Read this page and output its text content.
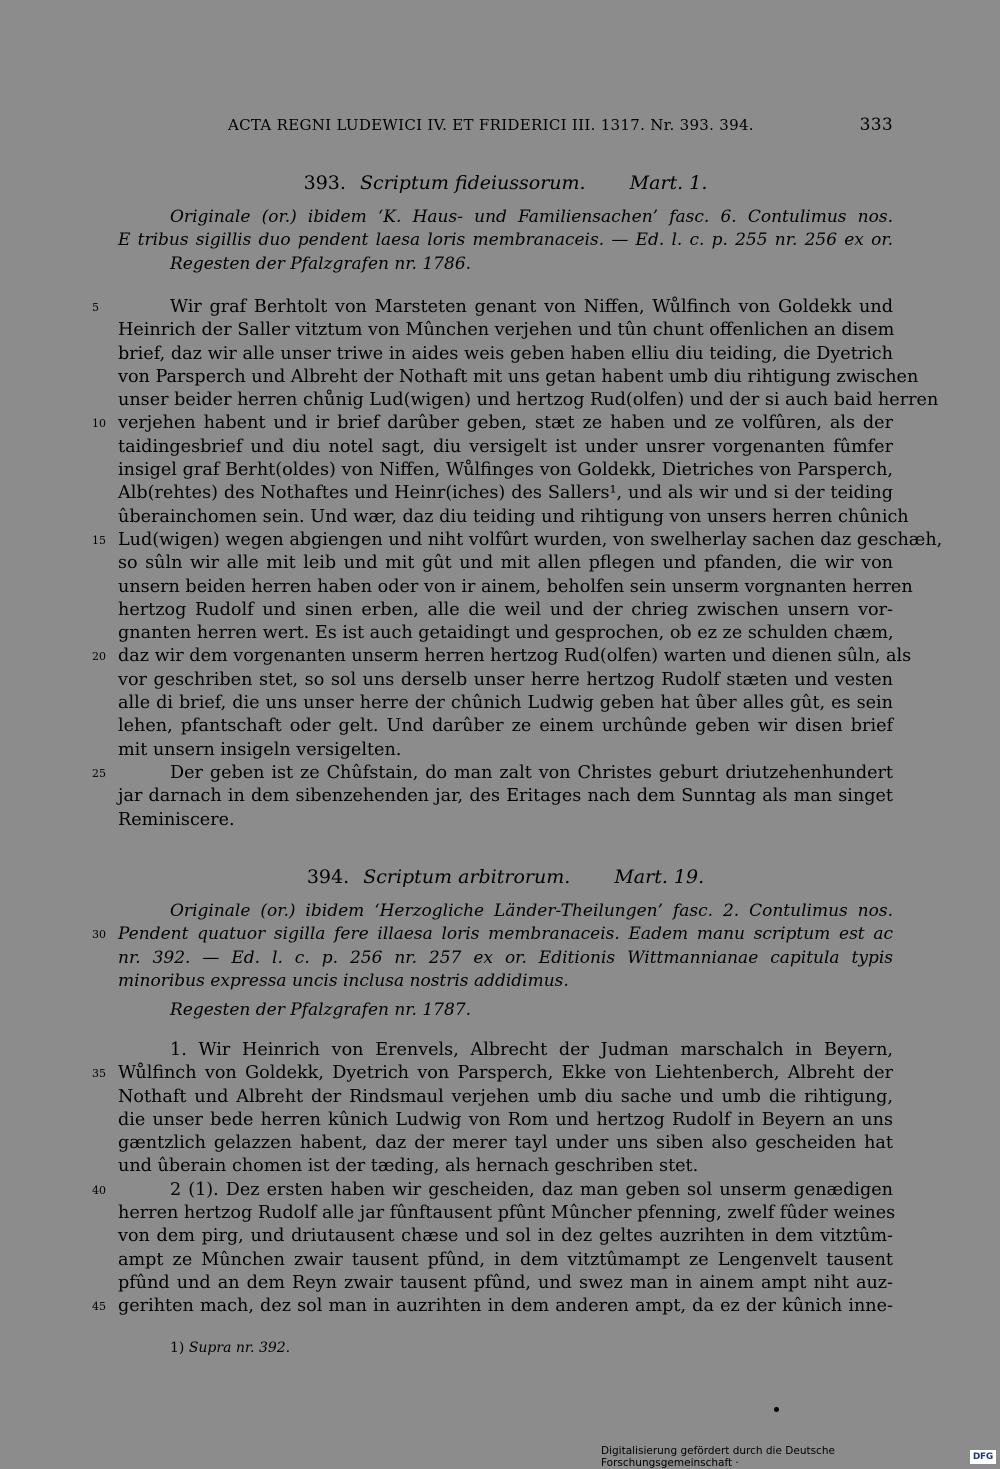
ACTA REGNI LUDEWICI IV. ET FRIDERICI III. 1317. Nr. 393. 394.	333
393. Scriptum fideiussorum. Mart. 1.
Originale (or.) ibidem ‘K. Haus- und Familiensachen’ fasc. 6. Contulimus nos.
E tribus sigillis duo pendent laesa loris membranaceis. — Ed. l. c. p. 255 nr. 256 ex or.
Regesten der Pfalzgrafen nr. 1786.
5	Wir graf Berhtolt von Marsteten genant von Niffen, Wůlfinch von Goldekk und
Heinrich der Saller vitztum von Mûnchen verjehen und tûn chunt offenlichen an disem
brief, daz wir alle unser triwe in aides weis geben haben elliu diu teiding, die Dyetrich
von Parsperch und Albreht der Nothaft mit uns getan habent umb diu rihtigung zwischen
unser beider herren chůnig Lud(wigen) und hertzog Rud(olfen) und der si auch baid herren
10 verjehen habent und ir brief darûber geben, stæt ze haben und ze volfûren, als der
taidingesbrief und diu notel sagt, diu versigelt ist under unsrer vorgenanten fûmfer
insigel graf Berht(oldes) von Niffen, Wůlfinges von Goldekk, Dietriches von Parsperch,
Alb(rehtes) des Nothaftes und Heinr(iches) des Sallers¹, und als wir und si der teiding
ûberainchomen sein. Und wær, daz diu teiding und rihtigung von unsers herren chûnich
15 Lud(wigen) wegen abgiengen und niht volfûrt wurden, von swelherlay sachen daz geschæh,
so sûln wir alle mit leib und mit gût und mit allen pflegen und pfanden, die wir von
unsern beiden herren haben oder von ir ainem, beholfen sein unserm vorgnanten herren
hertzog Rudolf und sinen erben, alle die weil und der chrieg zwischen unsern vor-
gnanten herren wert. Es ist auch getaidingt und gesprochen, ob ez ze schulden chæm,
20 daz wir dem vorgenanten unserm herren hertzog Rud(olfen) warten und dienen sûln, als
vor geschriben stet, so sol uns derselb unser herre hertzog Rudolf stæten und vesten
alle di brief, die uns unser herre der chûnich Ludwig geben hat ûber alles gût, es sein
lehen, pfantschaft oder gelt. Und darûber ze einem urchûnde geben wir disen brief
mit unsern insigeln versigelten.
25	Der geben ist ze Chûfstain, do man zalt von Christes geburt driutzehenhundert
jar darnach in dem sibenzehenden jar, des Eritages nach dem Sunntag als man singet
Reminiscere.
394. Scriptum arbitrorum. Mart. 19.
Originale (or.) ibidem ‘Herzogliche Länder-Theilungen’ fasc. 2. Contulimus nos.
30 Pendent quatuor sigilla fere illaesa loris membranaceis. Eadem manu scriptum est ac
nr. 392. — Ed. l. c. p. 256 nr. 257 ex or. Editionis Wittmannianae capitula typis
minoribus expressa uncis inclusa nostris addidimus.
Regesten der Pfalzgrafen nr. 1787.
1. Wir Heinrich von Erenvels, Albrecht der Judman marschalch in Beyern,
35 Wůlfinch von Goldekk, Dyetrich von Parsperch, Ekke von Liehtenberch, Albreht der
Nothaft und Albreht der Rindsmaul verjehen umb diu sache und umb die rihtigung,
die unser bede herren kûnich Ludwig von Rom und hertzog Rudolf in Beyern an uns
gæntzlich gelazzen habent, daz der merer tayl under uns siben also gescheiden hat
und ûberain chomen ist der tæding, als hernach geschriben stet.
40	2 (1). Dez ersten haben wir gescheiden, daz man geben sol unserm genædigen
herren hertzog Rudolf alle jar fûnftausent pfûnt Mûncher pfenning, zwelf fûder weines
von dem pirg, und driutausent chæse und sol in dez geltes auzrihten in dem vitztûm-
ampt ze Mûnchen zwair tausent pfûnd, in dem vitztûmampt ze Lengenvelt tausent
pfûnd und an dem Reyn zwair tausent pfûnd, und swez man in ainem ampt niht auz-
45 gerihten mach, dez sol man in auzrihten in dem anderen ampt, da ez der kûnich inne-
1) Supra nr. 392.
Digitalisierung gefördert durch die Deutsche Forschungsgemeinschaft ·	DFG
